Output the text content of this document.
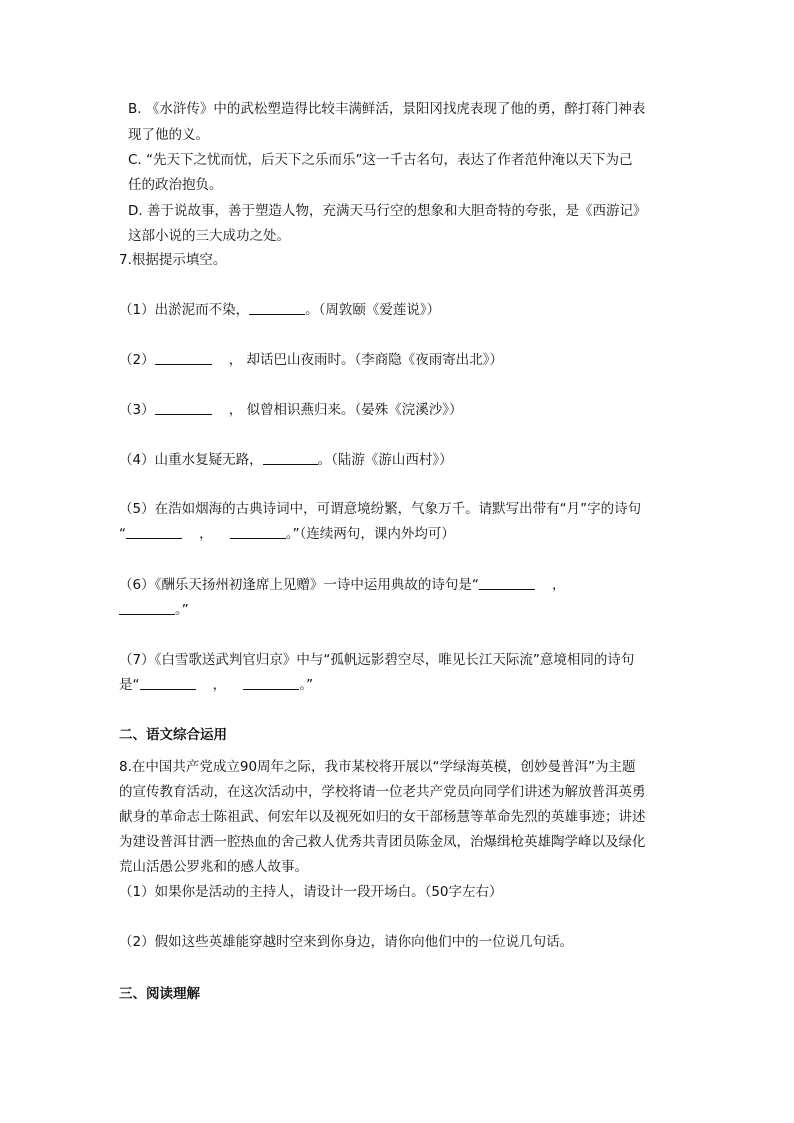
B. 《水浒传》中的武松塑造得比较丰满鲜活，景阳冈找虎表现了他的勇，醉打蒋门神表
现了他的义。
C. “先天下之忧而忧，后天下之乐而乐”这一千古名句，表达了作者范仲淹以天下为己
任的政治抱负。
D. 善于说故事，善于塑造人物，充满天马行空的想象和大胆奇特的夸张，是《西游记》
这部小说的三大成功之处。
7.根据提示填空。
（1）出淤泥而不染，	。（周敦颐《爱莲说》）
（2）	， 却话巴山夜雨时。（李商隐《夜雨寄出北》）
（3）	， 似曾相识燕归来。（晏殊《浣溪沙》）
（4）山重水复疑无路，	。（陆游《游山西村》）
（5）在浩如烟海的古典诗词中，可谓意境纷繁，气象万千。请默写出带有“月”字的诗句
“	，	。”（连续两句，课内外均可）
（6）《酬乐天扬州初逢席上见赠》一诗中运用典故的诗句是“	，
。”
（7）《白雪歌送武判官归京》中与“孤帆远影碧空尽，唯见长江天际流”意境相同的诗句
是“	，	。”
二、语文综合运用
8.在中国共产党成立90周年之际，我市某校将开展以“学绿海英模，创妙曼普洱”为主题
的宣传教育活动，在这次活动中，学校将请一位老共产党员向同学们讲述为解放普洱英勇
献身的革命志士陈祖武、何宏年以及视死如归的女干部杨慧等革命先烈的英雄事迹；讲述
为建设普洱甘洒一腔热血的舍己救人优秀共青团员陈金凤，治爆缉枪英雄陶学峰以及绿化
荒山活愚公罗兆和的感人故事。
（1）如果你是活动的主持人，请设计一段开场白。（50字左右）
（2）假如这些英雄能穿越时空来到你身边，请你向他们中的一位说几句话。
三、阅读理解
